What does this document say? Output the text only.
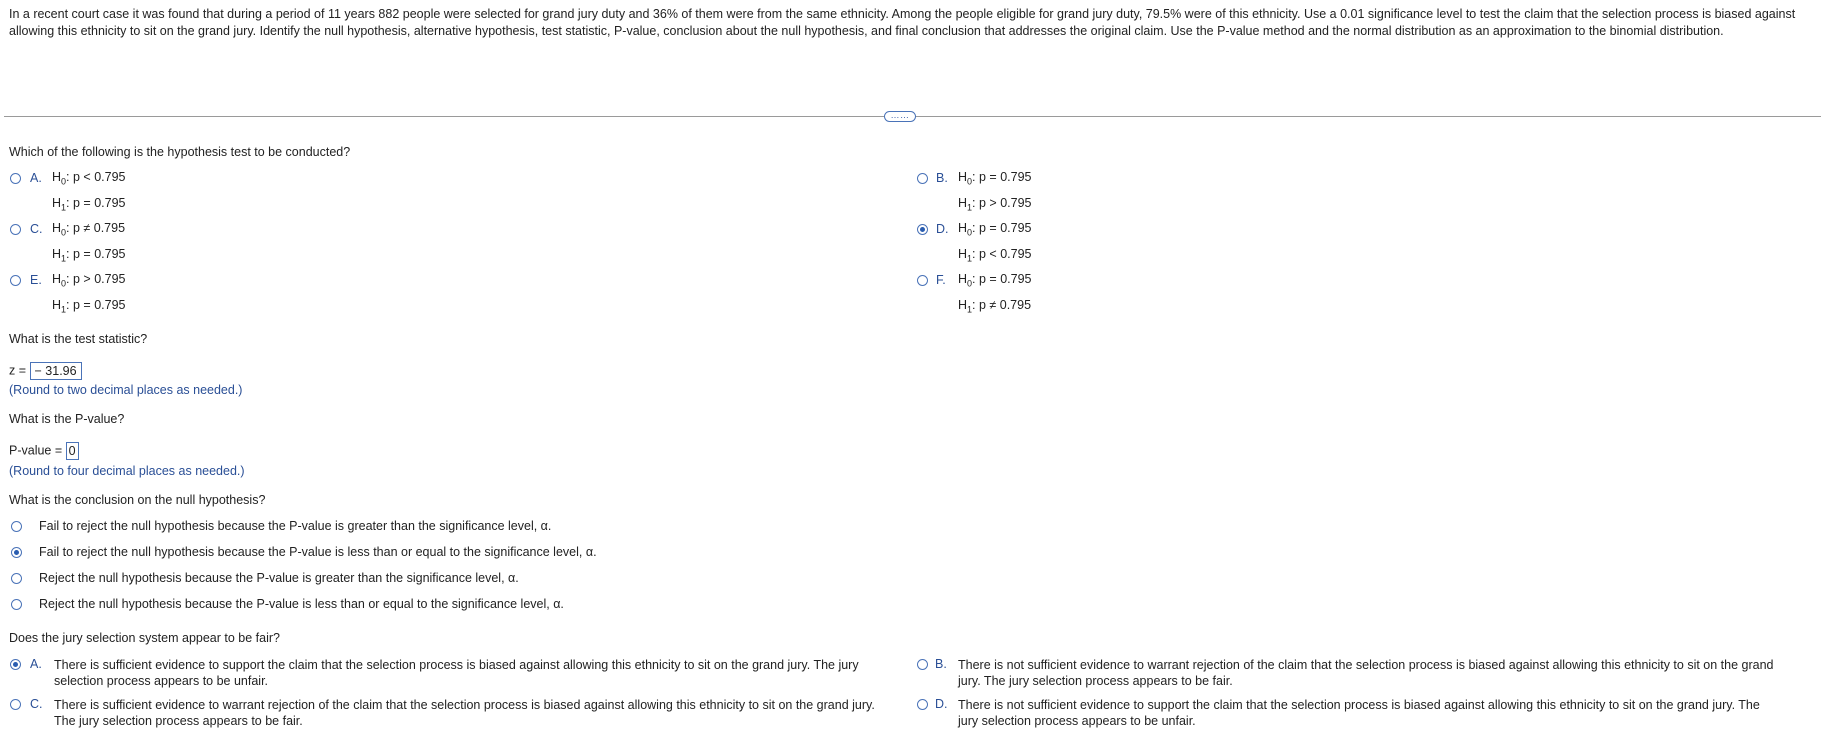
In a recent court case it was found that during a period of 11 years 882 people were selected for grand jury duty and 36% of them were from the same ethnicity. Among the people eligible for grand jury duty, 79.5% were of this ethnicity. Use a 0.01 significance level to test the claim that the selection process is biased against allowing this ethnicity to sit on the grand jury. Identify the null hypothesis, alternative hypothesis, test statistic, P-value, conclusion about the null hypothesis, and final conclusion that addresses the original claim. Use the P-value method and the normal distribution as an approximation to the binomial distribution.
……
Which of the following is the hypothesis test to be conducted?
A. $H_0$: p < 0.795
$H_1$: p = 0.795
B. $H_0$: p = 0.795
$H_1$: p > 0.795
C. $H_0$: p ≠ 0.795
$H_1$: p = 0.795
D. $H_0$: p = 0.795
$H_1$: p < 0.795
E. $H_0$: p > 0.795
$H_1$: p = 0.795
F. $H_0$: p = 0.795
$H_1$: p ≠ 0.795
What is the test statistic?
z = − 31.96
(Round to two decimal places as needed.)
What is the P-value?
P-value = 0
(Round to four decimal places as needed.)
What is the conclusion on the null hypothesis?
Fail to reject the null hypothesis because the P-value is greater than the significance level, α.
Fail to reject the null hypothesis because the P-value is less than or equal to the significance level, α.
Reject the null hypothesis because the P-value is greater than the significance level, α.
Reject the null hypothesis because the P-value is less than or equal to the significance level, α.
Does the jury selection system appear to be fair?
A. There is sufficient evidence to support the claim that the selection process is biased against allowing this ethnicity to sit on the grand jury. The jury
selection process appears to be unfair.
B. There is not sufficient evidence to warrant rejection of the claim that the selection process is biased against allowing this ethnicity to sit on the grand
jury. The jury selection process appears to be fair.
C. There is sufficient evidence to warrant rejection of the claim that the selection process is biased against allowing this ethnicity to sit on the grand jury.
The jury selection process appears to be fair.
D. There is not sufficient evidence to support the claim that the selection process is biased against allowing this ethnicity to sit on the grand jury. The
jury selection process appears to be unfair.
